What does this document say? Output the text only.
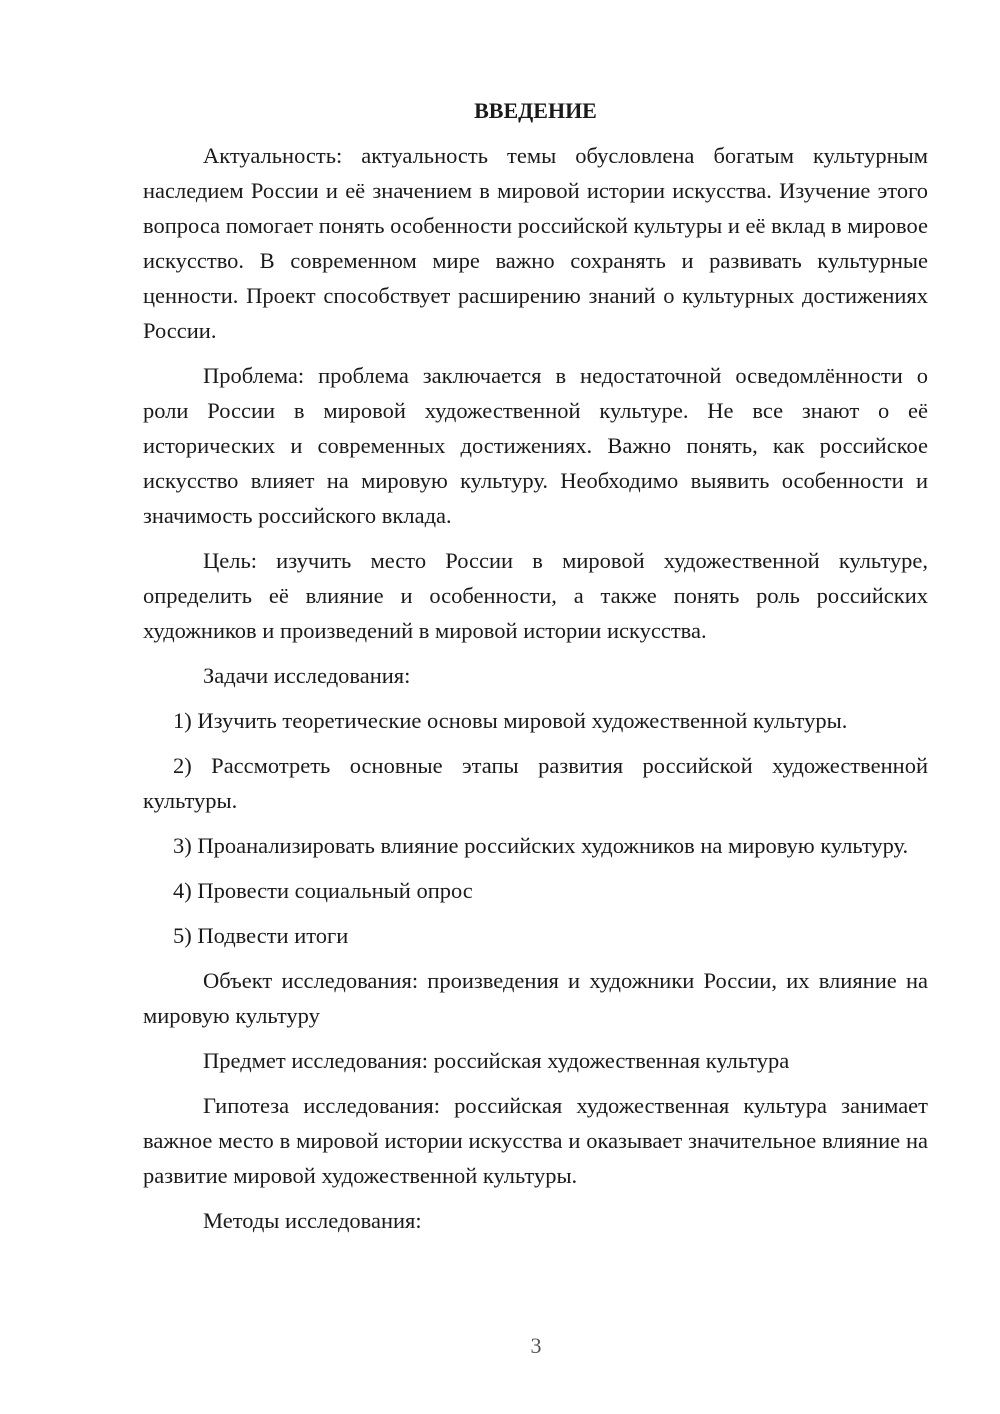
ВВЕДЕНИЕ

Актуальность: актуальность темы обусловлена богатым культурным наследием России и её значением в мировой истории искусства. Изучение этого вопроса помогает понять особенности российской культуры и её вклад в мировое искусство. В современном мире важно сохранять и развивать культурные ценности. Проект способствует расширению знаний о культурных достижениях России.

Проблема: проблема заключается в недостаточной осведомлённости о роли России в мировой художественной культуре. Не все знают о её исторических и современных достижениях. Важно понять, как российское искусство влияет на мировую культуру. Необходимо выявить особенности и значимость российского вклада.

Цель: изучить место России в мировой художественной культуре, определить её влияние и особенности, а также понять роль российских художников и произведений в мировой истории искусства.

Задачи исследования:

1) Изучить теоретические основы мировой художественной культуры.

2) Рассмотреть основные этапы развития российской художественной культуры.

3) Проанализировать влияние российских художников на мировую культуру.

4) Провести социальный опрос

5) Подвести итоги

Объект исследования: произведения и художники России, их влияние на мировую культуру

Предмет исследования: российская художественная культура

Гипотеза исследования: российская художественная культура занимает важное место в мировой истории искусства и оказывает значительное влияние на развитие мировой художественной культуры.

Методы исследования:

3
